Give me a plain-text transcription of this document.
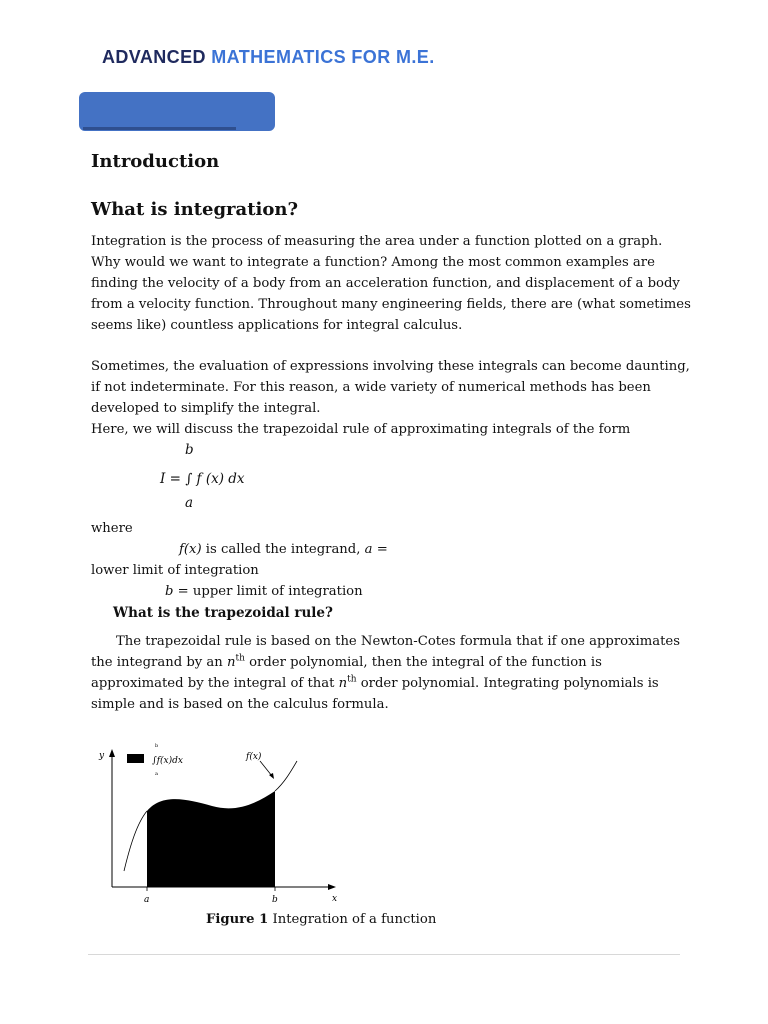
ADVANCED MATHEMATICS FOR M.E.
Introduction
What is integration?
Integration is the process of measuring the area under a function plotted on a graph. Why would we want to integrate a function? Among the most common examples are finding the velocity of a body from an acceleration function, and displacement of a body from a velocity function. Throughout many engineering fields, there are (what sometimes seems like) countless applications for integral calculus.
Sometimes, the evaluation of expressions involving these integrals can become daunting, if not indeterminate. For this reason, a wide variety of numerical methods has been developed to simplify the integral.
Here, we will discuss the trapezoidal rule of approximating integrals of the form
b
I = ∫ f (x) dx
a
where
f(x) is called the integrand, a =
lower limit of integration
b = upper limit of integration
What is the trapezoidal rule?
The trapezoidal rule is based on the Newton-Cotes formula that if one approximates the integrand by an $n^{th}$ order polynomial, then the integral of the function is approximated by the integral of that $n^{th}$ order polynomial. Integrating polynomials is simple and is based on the calculus formula.
f(x)
b
∫f(x)dx
a
y
x
a	b
Figure 1 Integration of a function
